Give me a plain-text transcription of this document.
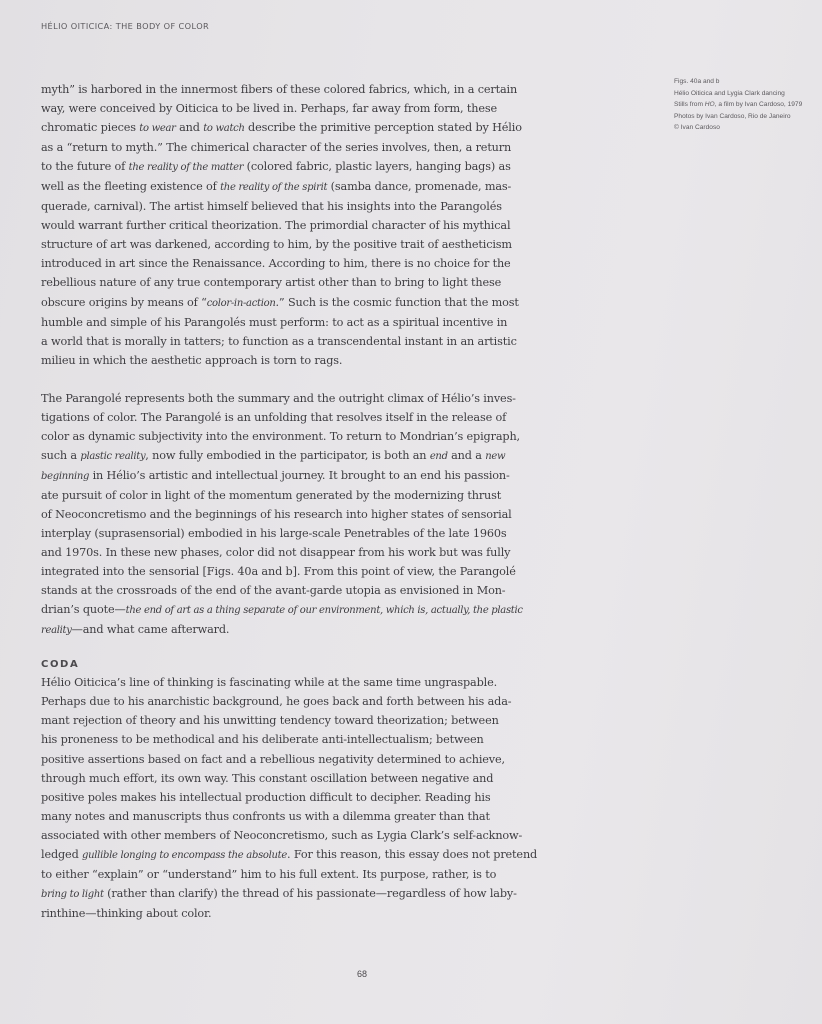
HÉLIO OITICICA: THE BODY OF COLOR
Figs. 40a and b
Hélio Oiticica and Lygia Clark dancing
Stills from HO, a film by Ivan Cardoso, 1979
Photos by Ivan Cardoso, Rio de Janeiro
© Ivan Cardoso
myth” is harbored in the innermost fibers of these colored fabrics, which, in a certain
way, were conceived by Oiticica to be lived in. Perhaps, far away from form, these
chromatic pieces to wear and to watch describe the primitive perception stated by Hélio
as a “return to myth.” The chimerical character of the series involves, then, a return
to the future of the reality of the matter (colored fabric, plastic layers, hanging bags) as
well as the fleeting existence of the reality of the spirit (samba dance, promenade, mas-
querade, carnival). The artist himself believed that his insights into the Parangolés
would warrant further critical theorization. The primordial character of his mythical
structure of art was darkened, according to him, by the positive trait of aestheticism
introduced in art since the Renaissance. According to him, there is no choice for the
rebellious nature of any true contemporary artist other than to bring to light these
obscure origins by means of “color-in-action.” Such is the cosmic function that the most
humble and simple of his Parangolés must perform: to act as a spiritual incentive in
a world that is morally in tatters; to function as a transcendental instant in an artistic
milieu in which the aesthetic approach is torn to rags.
The Parangolé represents both the summary and the outright climax of Hélio’s inves-
tigations of color. The Parangolé is an unfolding that resolves itself in the release of
color as dynamic subjectivity into the environment. To return to Mondrian’s epigraph,
such a plastic reality, now fully embodied in the participator, is both an end and a new
beginning in Hélio’s artistic and intellectual journey. It brought to an end his passion-
ate pursuit of color in light of the momentum generated by the modernizing thrust
of Neoconcretismo and the beginnings of his research into higher states of sensorial
interplay (suprasensorial) embodied in his large-scale Penetrables of the late 1960s
and 1970s. In these new phases, color did not disappear from his work but was fully
integrated into the sensorial [Figs. 40a and b]. From this point of view, the Parangolé
stands at the crossroads of the end of the avant-garde utopia as envisioned in Mon-
drian’s quote—the end of art as a thing separate of our environment, which is, actually, the plastic
reality—and what came afterward.
CODA
Hélio Oiticica’s line of thinking is fascinating while at the same time ungraspable.
Perhaps due to his anarchistic background, he goes back and forth between his ada-
mant rejection of theory and his unwitting tendency toward theorization; between
his proneness to be methodical and his deliberate anti-intellectualism; between
positive assertions based on fact and a rebellious negativity determined to achieve,
through much effort, its own way. This constant oscillation between negative and
positive poles makes his intellectual production difficult to decipher. Reading his
many notes and manuscripts thus confronts us with a dilemma greater than that
associated with other members of Neoconcretismo, such as Lygia Clark’s self-acknow-
ledged gullible longing to encompass the absolute. For this reason, this essay does not pretend
to either “explain” or “understand” him to his full extent. Its purpose, rather, is to
bring to light (rather than clarify) the thread of his passionate—regardless of how laby-
rinthine—thinking about color.
68
